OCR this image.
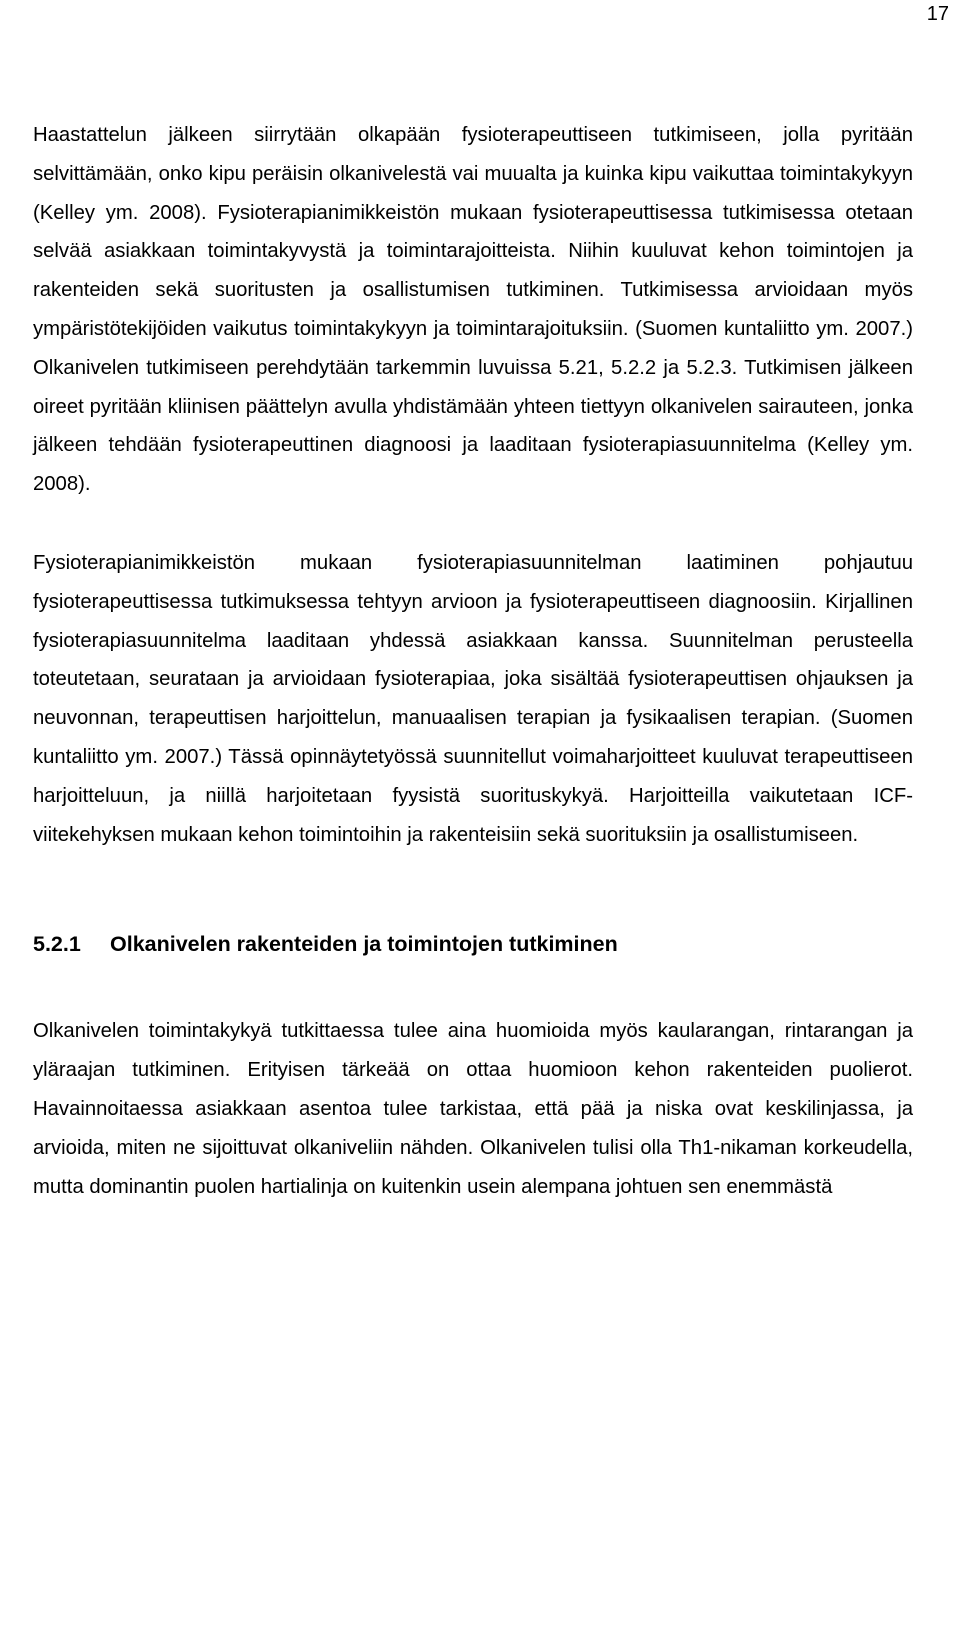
17

Haastattelun jälkeen siirrytään olkapään fysioterapeuttiseen tutkimiseen, jolla pyritään selvittämään, onko kipu peräisin olkanivelestä vai muualta ja kuinka kipu vaikuttaa toimintakykyyn (Kelley ym. 2008). Fysioterapianimikkeistön mukaan fysioterapeuttisessa tutkimisessa otetaan selvää asiakkaan toimintakyvystä ja toimintarajoitteista. Niihin kuuluvat kehon toimintojen ja rakenteiden sekä suoritusten ja osallistumisen tutkiminen. Tutkimisessa arvioidaan myös ympäristötekijöiden vaikutus toimintakykyyn ja toimintarajoituksiin. (Suomen kuntaliitto ym. 2007.) Olkanivelen tutkimiseen perehdytään tarkemmin luvuissa 5.21, 5.2.2 ja 5.2.3. Tutkimisen jälkeen oireet pyritään kliinisen päättelyn avulla yhdistämään yhteen tiettyyn olkanivelen sairauteen, jonka jälkeen tehdään fysioterapeuttinen diagnoosi ja laaditaan fysioterapiasuunnitelma (Kelley ym. 2008).

Fysioterapianimikkeistön mukaan fysioterapiasuunnitelman laatiminen pohjautuu fysioterapeuttisessa tutkimuksessa tehtyyn arvioon ja fysioterapeuttiseen diagnoosiin. Kirjallinen fysioterapiasuunnitelma laaditaan yhdessä asiakkaan kanssa. Suunnitelman perusteella toteutetaan, seurataan ja arvioidaan fysioterapiaa, joka sisältää fysioterapeuttisen ohjauksen ja neuvonnan, terapeuttisen harjoittelun, manuaalisen terapian ja fysikaalisen terapian. (Suomen kuntaliitto ym. 2007.) Tässä opinnäytetyössä suunnitellut voimaharjoitteet kuuluvat terapeuttiseen harjoitteluun, ja niillä harjoitetaan fyysistä suorituskykyä. Harjoitteilla vaikutetaan ICF-viitekehyksen mukaan kehon toimintoihin ja rakenteisiin sekä suorituksiin ja osallistumiseen.

5.2.1	Olkanivelen rakenteiden ja toimintojen tutkiminen

Olkanivelen toimintakykyä tutkittaessa tulee aina huomioida myös kaularangan, rintarangan ja yläraajan tutkiminen. Erityisen tärkeää on ottaa huomioon kehon rakenteiden puolierot. Havainnoitaessa asiakkaan asentoa tulee tarkistaa, että pää ja niska ovat keskilinjassa, ja arvioida, miten ne sijoittuvat olkaniveliin nähden. Olkanivelen tulisi olla Th1-nikaman korkeudella, mutta dominantin puolen hartialinja on kuitenkin usein alempana johtuen sen enemmästä
